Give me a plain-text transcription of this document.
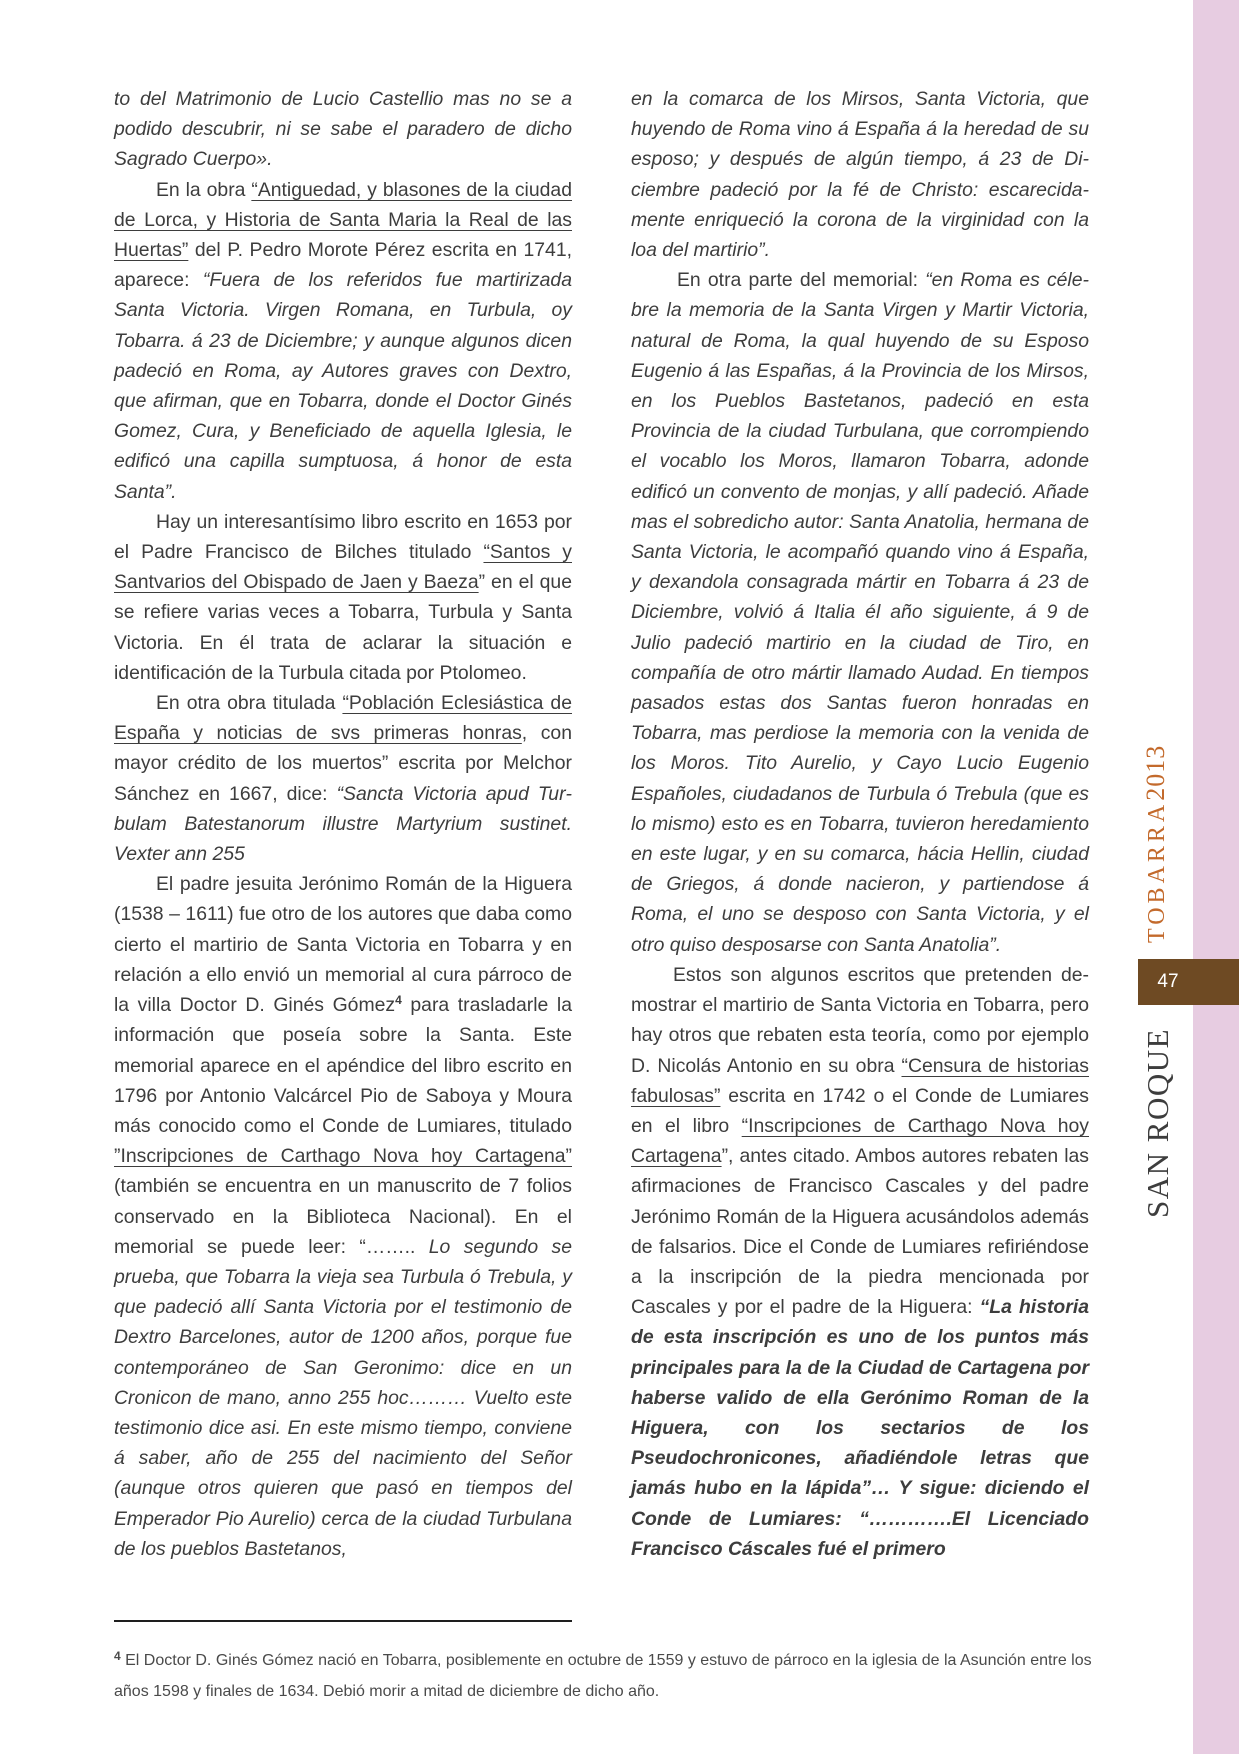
to del Matrimonio de Lucio Castellio mas no se a podido descubrir, ni se sabe el paradero de dicho Sagrado Cuerpo».

En la obra “Antiguedad, y blasones de la ciudad de Lorca, y Historia de Santa Maria la Real de las Huertas” del P. Pedro Morote Pérez escrita en 1741, aparece: “Fuera de los referidos fue martirizada Santa Victoria. Virgen Romana, en Turbula, oy Tobarra. á 23 de Diciembre; y aunque algunos dicen padeció en Roma, ay Autores graves con Dextro, que afirman, que en Tobarra, donde el Doctor Ginés Gomez, Cura, y Beneficiado de aquella Iglesia, le edificó una capilla sumptuosa, á honor de esta Santa”.

Hay un interesantísimo libro escrito en 1653 por el Padre Francisco de Bilches titulado “Santos y Santvarios del Obispado de Jaen y Baeza” en el que se refiere varias veces a Tobarra, Turbula y Santa Victoria. En él trata de aclarar la situación e identificación de la Turbula citada por Ptolomeo.

En otra obra titulada “Población Eclesiástica de España y noticias de svs primeras honras, con mayor crédito de los muertos” escrita por Melchor Sánchez en 1667, dice: “Sancta Victoria apud Turbulam Batestanorum illustre Martyrium sustinet. Vexter ann 255

El padre jesuita Jerónimo Román de la Higuera (1538 – 1611) fue otro de los autores que daba como cierto el martirio de Santa Victoria en Tobarra y en relación a ello envió un memorial al cura párroco de la villa Doctor D. Ginés Gómez$^4$ para trasladarle la información que poseía sobre la Santa. Este memorial aparece en el apéndice del libro escrito en 1796 por Antonio Valcárcel Pio de Saboya y Moura más conocido como el Conde de Lumiares, titulado ”Inscripciones de Carthago Nova hoy Cartagena” (también se encuentra en un manuscrito de 7 folios conservado en la Biblioteca Nacional). En el memorial se puede leer: “…….. Lo segundo se prueba, que Tobarra la vieja sea Turbula ó Trebula, y que padeció allí Santa Victoria por el testimonio de Dextro Barcelones, autor de 1200 años, porque fue contemporáneo de San Geronimo: dice en un Cronicon de mano, anno 255 hoc……… Vuelto este testimonio dice asi. En este mismo tiempo, conviene á saber, año de 255 del nacimiento del Señor (aunque otros quieren que pasó en tiempos del Emperador Pio Aurelio) cerca de la ciudad Turbulana de los pueblos Bastetanos,

en la comarca de los Mirsos, Santa Victoria, que huyendo de Roma vino á España á la heredad de su esposo; y después de algún tiempo, á 23 de Diciembre padeció por la fé de Christo: escarecidamente enriqueció la corona de la virginidad con la loa del martirio”.

En otra parte del memorial: “en Roma es célebre la memoria de la Santa Virgen y Martir Victoria, natural de Roma, la qual huyendo de su Esposo Eugenio á las Españas, á la Provincia de los Mirsos, en los Pueblos Bastetanos, padeció en esta Provincia de la ciudad Turbulana, que corrompiendo el vocablo los Moros, llamaron Tobarra, adonde edificó un convento de monjas, y allí padeció. Añade mas el sobredicho autor: Santa Anatolia, hermana de Santa Victoria, le acompañó quando vino á España, y dexandola consagrada mártir en Tobarra á 23 de Diciembre, volvió á Italia él año siguiente, á 9 de Julio padeció martirio en la ciudad de Tiro, en compañía de otro mártir llamado Audad. En tiempos pasados estas dos Santas fueron honradas en Tobarra, mas perdiose la memoria con la venida de los Moros. Tito Aurelio, y Cayo Lucio Eugenio Españoles, ciudadanos de Turbula ó Trebula (que es lo mismo) esto es en Tobarra, tuvieron heredamiento en este lugar, y en su comarca, hácia Hellin, ciudad de Griegos, á donde nacieron, y partiendose á Roma, el uno se desposo con Santa Victoria, y el otro quiso desposarse con Santa Anatolia”.

Estos son algunos escritos que pretenden demostrar el martirio de Santa Victoria en Tobarra, pero hay otros que rebaten esta teoría, como por ejemplo D. Nicolás Antonio en su obra “Censura de historias fabulosas” escrita en 1742 o el Conde de Lumiares en el libro “Inscripciones de Carthago Nova hoy Cartagena”, antes citado. Ambos autores rebaten las afirmaciones de Francisco Cascales y del padre Jerónimo Román de la Higuera acusándolos además de falsarios. Dice el Conde de Lumiares refiriéndose a la inscripción de la piedra mencionada por Cascales y por el padre de la Higuera: “La historia de esta inscripción es uno de los puntos más principales para la de la Ciudad de Cartagena por haberse valido de ella Gerónimo Roman de la Higuera, con los sectarios de los Pseudochronicones, añadiéndole letras que jamás hubo en la lápida”… Y sigue: diciendo el Conde de Lumiares: “………….El Licenciado Francisco Cáscales fué el primero

$^4$ El Doctor D. Ginés Gómez nació en Tobarra, posiblemente en octubre de 1559 y estuvo de párroco en la iglesia de la Asunción entre los años 1598 y finales de 1634. Debió morir a mitad de diciembre de dicho año.

47
TOBARRA2013
SAN ROQUE
